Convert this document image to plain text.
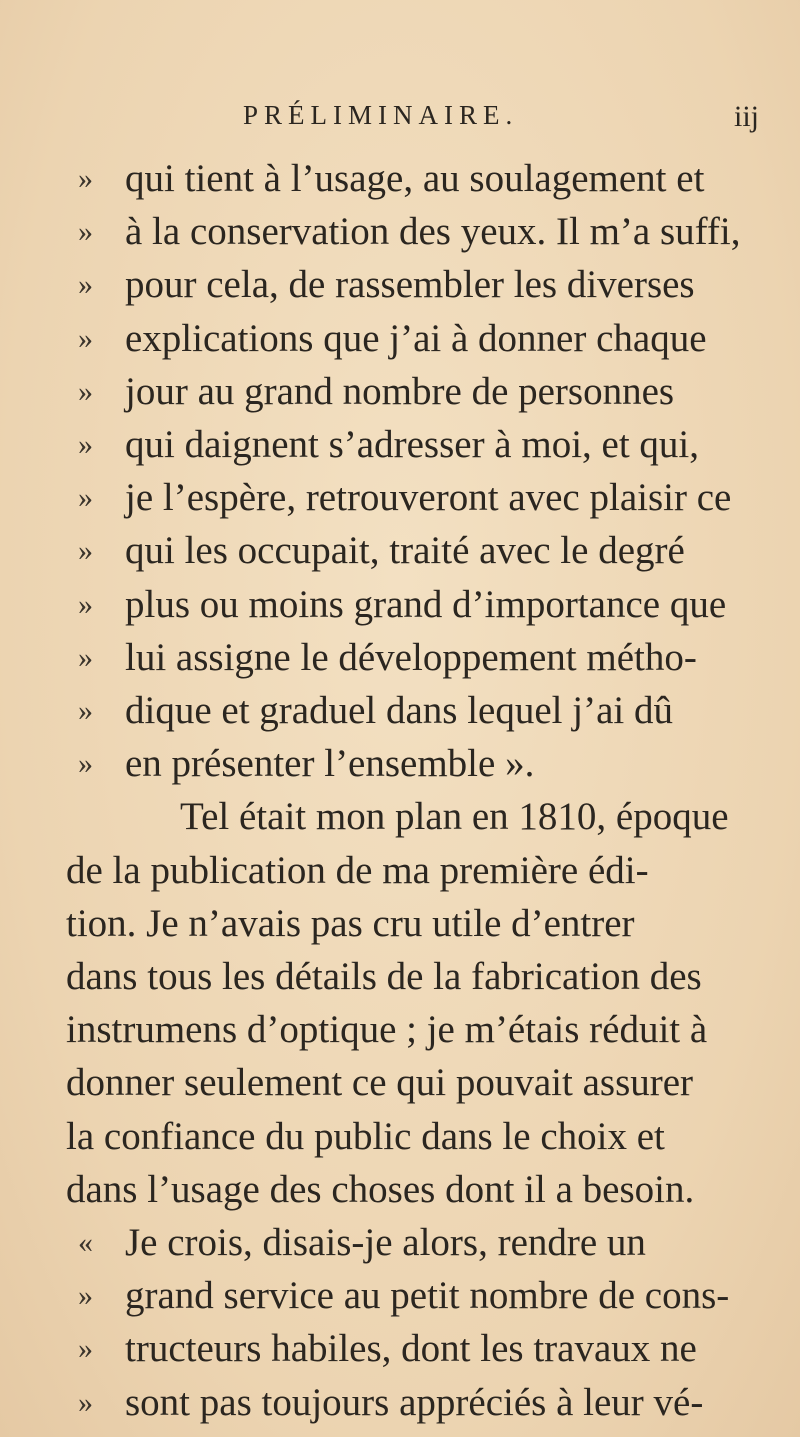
PRÉLIMINAIRE.	iij
» qui tient à l’usage, au soulagement et
» à la conservation des yeux. Il m’a suffi,
» pour cela, de rassembler les diverses
» explications que j’ai à donner chaque
» jour au grand nombre de personnes
» qui daignent s’adresser à moi, et qui,
» je l’espère, retrouveront avec plaisir ce
» qui les occupait, traité avec le degré
» plus ou moins grand d’importance que
» lui assigne le développement métho-
» dique et graduel dans lequel j’ai dû
» en présenter l’ensemble ».
Tel était mon plan en 1810, époque
de la publication de ma première édi-
tion. Je n’avais pas cru utile d’entrer
dans tous les détails de la fabrication des
instrumens d’optique ; je m’étais réduit à
donner seulement ce qui pouvait assurer
la confiance du public dans le choix et
dans l’usage des choses dont il a besoin.
« Je crois, disais-je alors, rendre un
» grand service au petit nombre de cons-
» tructeurs habiles, dont les travaux ne
» sont pas toujours appréciés à leur vé-
